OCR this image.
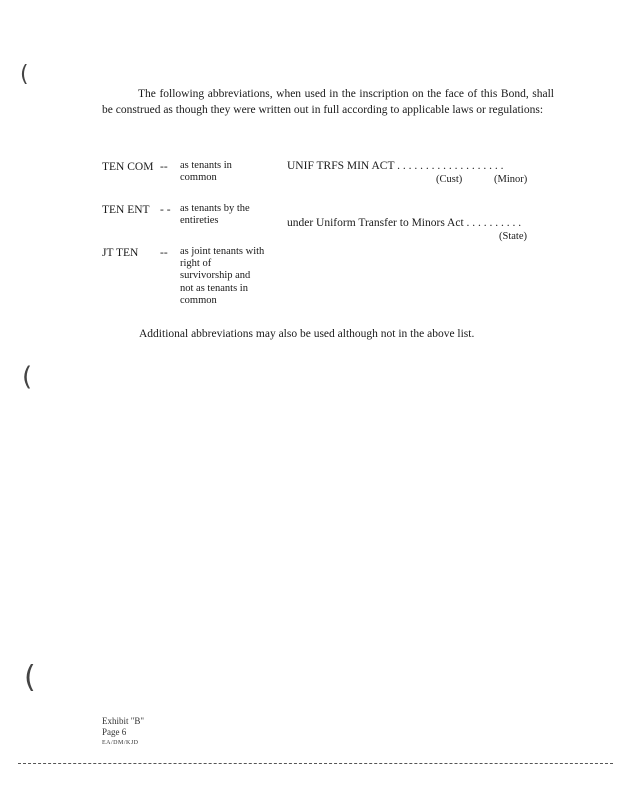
(
(
(

The following abbreviations, when used in the inscription on the face of this Bond, shall be construed as though they were written out in full according to applicable laws or regulations:

TEN COM -- as tenants in common
TEN ENT - - as tenants by the entireties
JT TEN -- as joint tenants with right of survivorship and not as tenants in common
UNIF TRFS MIN ACT . . . . . . . . . . . . . . . . . . .
(Cust)	(Minor)
under Uniform Transfer to Minors Act . . . . . . . . . .
(State)
Additional abbreviations may also be used although not in the above list.
Exhibit "B"
Page 6
EA/DM/KJD
